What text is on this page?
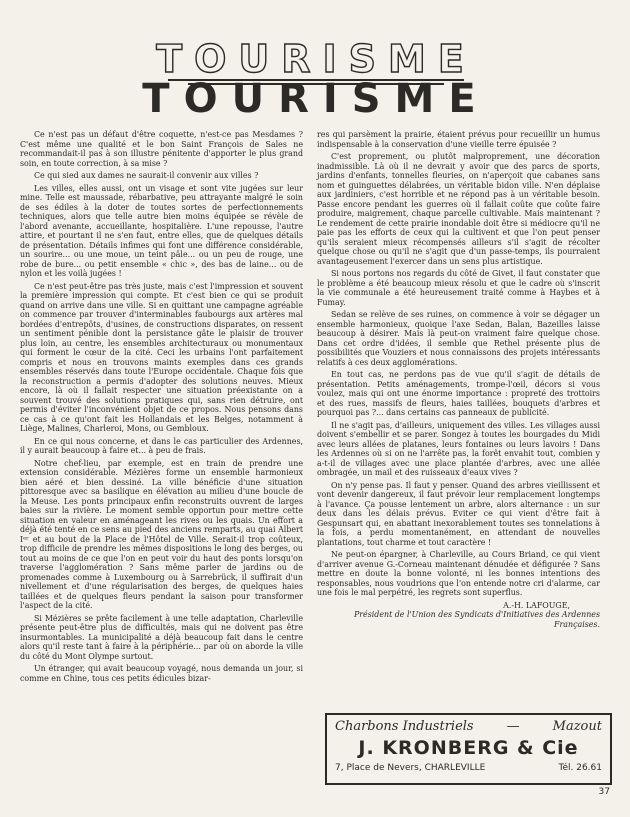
TOURISME
TOURISME

Ce n'est pas un défaut d'être coquette, n'est-ce pas Mesdames ? C'est même une qualité et le bon Saint François de Sales ne recommandait-il pas à son illustre pénitente d'apporter le plus grand soin, en toute correction, à sa mise ?

Ce qui sied aux dames ne saurait-il convenir aux villes ?

Les villes, elles aussi, ont un visage et sont vite jugées sur leur mine. Telle est maussade, rébarbative, peu attrayante malgré le soin de ses édiles à la doter de toutes sortes de perfectionnements techniques, alors que telle autre bien moins équipée se révèle de l'abord avenante, accueillante, hospitalière. L'une repousse, l'autre attire, et pourtant il ne s'en faut, entre elles, que de quelques détails de présentation. Détails infimes qui font une différence considérable, un sourire... ou une moue, un teint pâle... ou un peu de rouge, une robe de bure... ou petit ensemble « chic », des bas de laine... ou de nylon et les voilà jugées !

Ce n'est peut-être pas très juste, mais c'est l'impression et souvent la première impression qui compte. Et c'est bien ce qui se produit quand on arrive dans une ville. Si en quittant une campagne agréable on commence par trouver d'interminables faubourgs aux artères mal bordées d'entrepôts, d'usines, de constructions disparates, on ressent un sentiment pénible dont la persistance gâte le plaisir de trouver plus loin, au centre, les ensembles architecturaux ou monumentaux qui forment le cœur de la cité. Ceci les urbains l'ont parfaitement compris et nous en trouvons maints exemples dans ces grands ensembles réservés dans toute l'Europe occidentale. Chaque fois que la reconstruction a permis d'adopter des solutions neuves. Mieux encore, là où il fallait respecter une situation préexistante on a souvent trouvé des solutions pratiques qui, sans rien détruire, ont permis d'éviter l'inconvénient objet de ce propos. Nous pensons dans ce cas à ce qu'ont fait les Hollandais et les Belges, notamment à Liège, Malines, Charleroi, Mons, ou Gembloux.

En ce qui nous concerne, et dans le cas particulier des Ardennes, il y aurait beaucoup à faire et... à peu de frais.

Notre chef-lieu, par exemple, est en train de prendre une extension considérable. Mézières forme un ensemble harmonieux bien aéré et bien dessiné. La ville bénéficie d'une situation pittoresque avec sa basilique en élévation au milieu d'une boucle de la Meuse. Les ponts principaux enfin reconstruits ouvrent de larges baies sur la rivière. Le moment semble opportun pour mettre cette situation en valeur en aménageant les rives ou les quais. Un effort a déjà été tenté en ce sens au pied des anciens remparts, au quai Albert Iᵉʳ et au bout de la Place de l'Hôtel de Ville. Serait-il trop coûteux, trop difficile de prendre les mêmes dispositions le long des berges, ou tout au moins de ce que l'on en peut voir du haut des ponts lorsqu'on traverse l'agglomération ? Sans même parler de jardins ou de promenades comme à Luxembourg ou à Sarrebrück, il suffirait d'un nivellement et d'une régularisation des berges, de quelques haies taillées et de quelques fleurs pendant la saison pour transformer l'aspect de la cité.

Si Mézières se prête facilement à une telle adaptation, Charleville présente peut-être plus de difficultés, mais qui ne doivent pas être insurmontables. La municipalité a déjà beaucoup fait dans le centre alors qu'il reste tant à faire à la périphérie... par où on aborde la ville du côté du Mont Olympe surtout.

Un étranger, qui avait beaucoup voyagé, nous demanda un jour, si comme en Chine, tous ces petits édicules bizar-

res qui parsèment la prairie, étaient prévus pour recueillir un humus indispensable à la conservation d'une vieille terre épuisée ?

C'est proprement, ou plutôt malproprement, une décoration inadmissible. Là où il ne devrait y avoir que des parcs de sports, jardins d'enfants, tonnelles fleuries, on n'aperçoit que cabanes sans nom et guinguettes délabrées, un véritable bidon ville. N'en déplaise aux jardiniers, c'est horrible et ne répond pas à un véritable besoin. Passe encore pendant les guerres où il fallait coûte que coûte faire produire, maigrement, chaque parcelle cultivable. Mais maintenant ? Le rendement de cette prairie inondable doit être si médiocre qu'il ne paie pas les efforts de ceux qui la cultivent et que l'on peut penser qu'ils seraient mieux récompensés ailleurs s'il s'agit de récolter quelque chose ou qu'il ne s'agit que d'un passe-temps, ils pourraient avantageusement l'exercer dans un sens plus artistique.

Si nous portons nos regards du côté de Givet, il faut constater que le problème a été beaucoup mieux résolu et que le cadre où s'inscrit la vie communale a été heureusement traité comme à Haybes et à Fumay.

Sedan se relève de ses ruines, on commence à voir se dégager un ensemble harmonieux, quoique l'axe Sedan, Balan, Bazeilles laisse beaucoup à désirer. Mais là peut-on vraiment faire quelque chose. Dans cet ordre d'idées, il semble que Rethel présente plus de possibilités que Vouziers et nous connaissons des projets intéressants relatifs à ces deux agglomérations.

En tout cas, ne perdons pas de vue qu'il s'agit de détails de présentation. Petits aménagements, trompe-l'œil, décors si vous voulez, mais qui ont une énorme importance : propreté des trottoirs et des rues, massifs de fleurs, haies taillées, bouquets d'arbres et pourquoi pas ?... dans certains cas panneaux de publicité.

Il ne s'agit pas, d'ailleurs, uniquement des villes. Les villages aussi doivent s'embellir et se parer. Songez à toutes les bourgades du Midi avec leurs allées de platanes, leurs fontaines ou leurs lavoirs ! Dans les Ardennes où si on ne l'arrête pas, la forêt envahit tout, combien y a-t-il de villages avec une place plantée d'arbres, avec une allée ombragée, un mail et des ruisseaux d'eaux vives ?

On n'y pense pas. Il faut y penser. Quand des arbres vieillissent et vont devenir dangereux, il faut prévoir leur remplacement longtemps à l'avance. Ça pousse lentement un arbre, alors alternance : un sur deux dans les délais prévus. Eviter ce qui vient d'être fait à Gespunsart qui, en abattant inexorablement toutes ses tonnelations à la fois, a perdu momentanément, en attendant de nouvelles plantations, tout charme et tout caractère !

Ne peut-on épargner, à Charleville, au Cours Briand, ce qui vient d'arriver avenue G.-Corneau maintenant dénudée et défigurée ? Sans mettre en doute la bonne volonté, ni les bonnes intentions des responsables, nous voudrions que l'on entende notre cri d'alarme, car une fois le mal perpétré, les regrets sont superflus.

A.-H. LAFOUGE,
Président de l'Union des Syndicats d'Initiatives des Ardennes Françaises.
Charbons Industriels	—	Mazout
J. KRONBERG & Cie
7, Place de Nevers, CHARLEVILLE	Tél. 26.61
37
